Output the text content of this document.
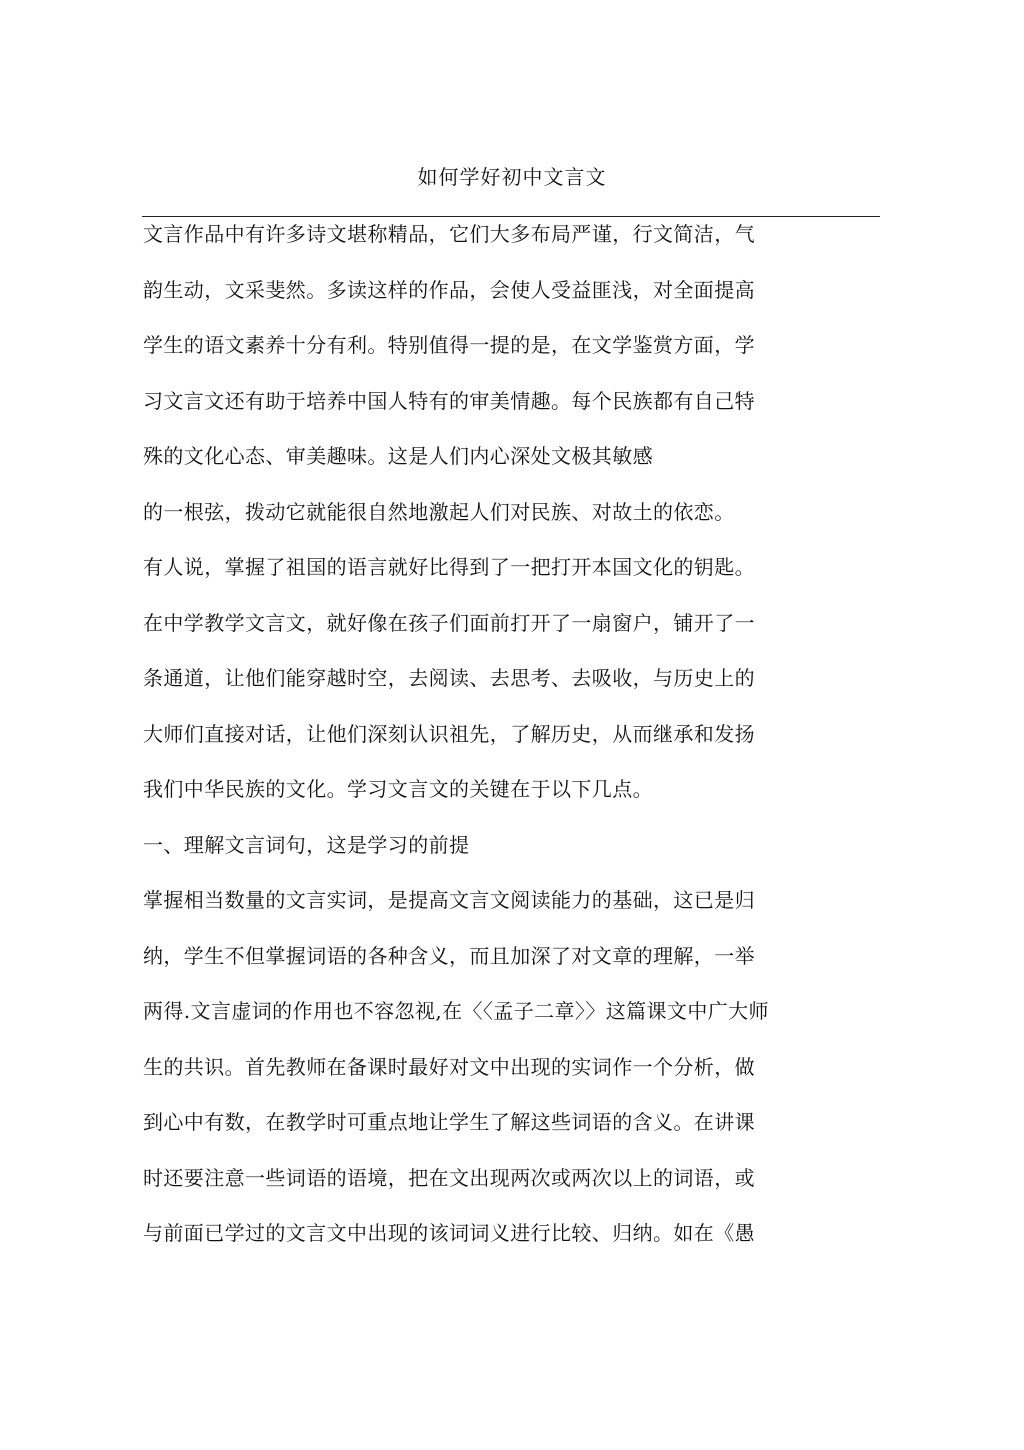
如何学好初中文言文
文言作品中有许多诗文堪称精品，它们大多布局严谨，行文简洁，气
韵生动，文采斐然。多读这样的作品，会使人受益匪浅，对全面提高
学生的语文素养十分有利。特别值得一提的是，在文学鉴赏方面，学
习文言文还有助于培养中国人特有的审美情趣。每个民族都有自己特
殊的文化心态、审美趣味。这是人们内心深处文极其敏感
的一根弦，拨动它就能很自然地激起人们对民族、对故土的依恋。
有人说，掌握了祖国的语言就好比得到了一把打开本国文化的钥匙。
在中学教学文言文，就好像在孩子们面前打开了一扇窗户，铺开了一
条通道，让他们能穿越时空，去阅读、去思考、去吸收，与历史上的
大师们直接对话，让他们深刻认识祖先，了解历史，从而继承和发扬
我们中华民族的文化。学习文言文的关键在于以下几点。
一、理解文言词句，这是学习的前提
掌握相当数量的文言实词，是提高文言文阅读能力的基础，这已是归
纳，学生不但掌握词语的各种含义，而且加深了对文章的理解，一举
两得.文言虚词的作用也不容忽视,在〈〈孟子二章〉〉这篇课文中广大师
生的共识。首先教师在备课时最好对文中出现的实词作一个分析，做
到心中有数，在教学时可重点地让学生了解这些词语的含义。在讲课
时还要注意一些词语的语境，把在文出现两次或两次以上的词语，或
与前面已学过的文言文中出现的该词词义进行比较、归纳。如在《愚
